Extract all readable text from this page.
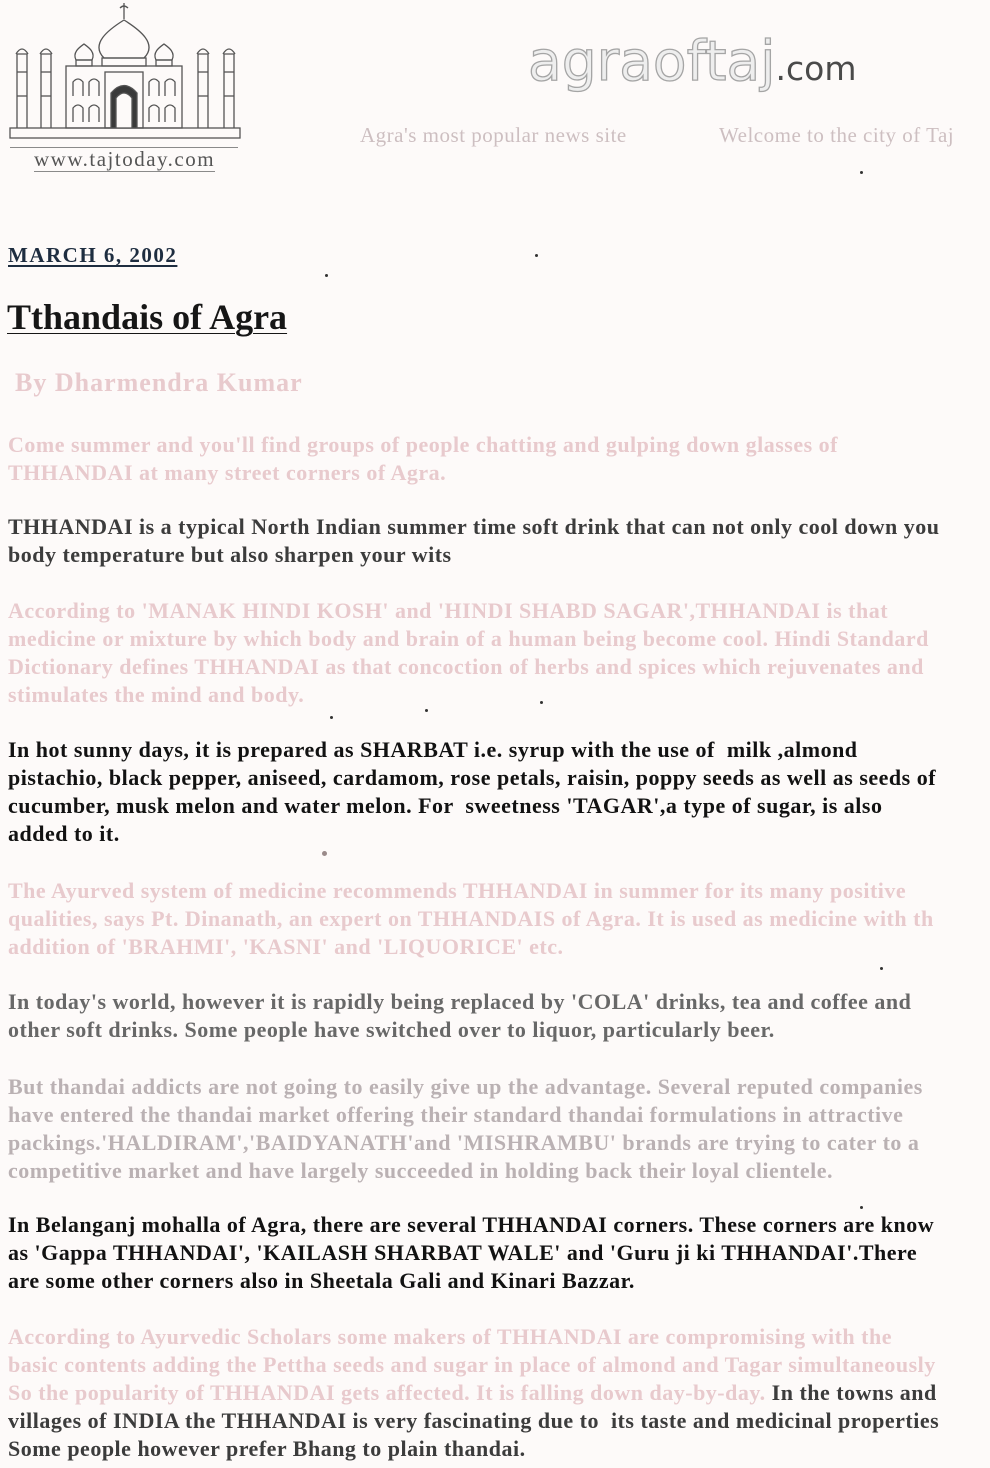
www.tajtoday.com
agraoftaj.com
Agra's most popular news site	Welcome to the city of Taj
MARCH 6, 2002
Tthandais of Agra
By Dharmendra Kumar
Come summer and you'll find groups of people chatting and gulping down glasses of
THHANDAI at many street corners of Agra.
THHANDAI is a typical North Indian summer time soft drink that can not only cool down you
body temperature but also sharpen your wits
According to 'MANAK HINDI KOSH' and 'HINDI SHABD SAGAR',THHANDAI is that
medicine or mixture by which body and brain of a human being become cool. Hindi Standard
Dictionary defines THHANDAI as that concoction of herbs and spices which rejuvenates and
stimulates the mind and body.
In hot sunny days, it is prepared as SHARBAT i.e. syrup with the use of  milk ,almond
pistachio, black pepper, aniseed, cardamom, rose petals, raisin, poppy seeds as well as seeds of
cucumber, musk melon and water melon. For  sweetness 'TAGAR',a type of sugar, is also
added to it.
The Ayurved system of medicine recommends THHANDAI in summer for its many positive
qualities, says Pt. Dinanath, an expert on THHANDAIS of Agra. It is used as medicine with th
addition of 'BRAHMI', 'KASNI' and 'LIQUORICE' etc.
In today's world, however it is rapidly being replaced by 'COLA' drinks, tea and coffee and
other soft drinks. Some people have switched over to liquor, particularly beer.
But thandai addicts are not going to easily give up the advantage. Several reputed companies
have entered the thandai market offering their standard thandai formulations in attractive
packings.'HALDIRAM','BAIDYANATH'and 'MISHRAMBU' brands are trying to cater to a
competitive market and have largely succeeded in holding back their loyal clientele.
In Belanganj mohalla of Agra, there are several THHANDAI corners. These corners are know
as 'Gappa THHANDAI', 'KAILASH SHARBAT WALE' and 'Guru ji ki THHANDAI'.There
are some other corners also in Sheetala Gali and Kinari Bazzar.
According to Ayurvedic Scholars some makers of THHANDAI are compromising with the
basic contents adding the Pettha seeds and sugar in place of almond and Tagar simultaneously
So the popularity of THHANDAI gets affected. It is falling down day-by-day. In the towns and
villages of INDIA the THHANDAI is very fascinating due to  its taste and medicinal properties
Some people however prefer Bhang to plain thandai.
